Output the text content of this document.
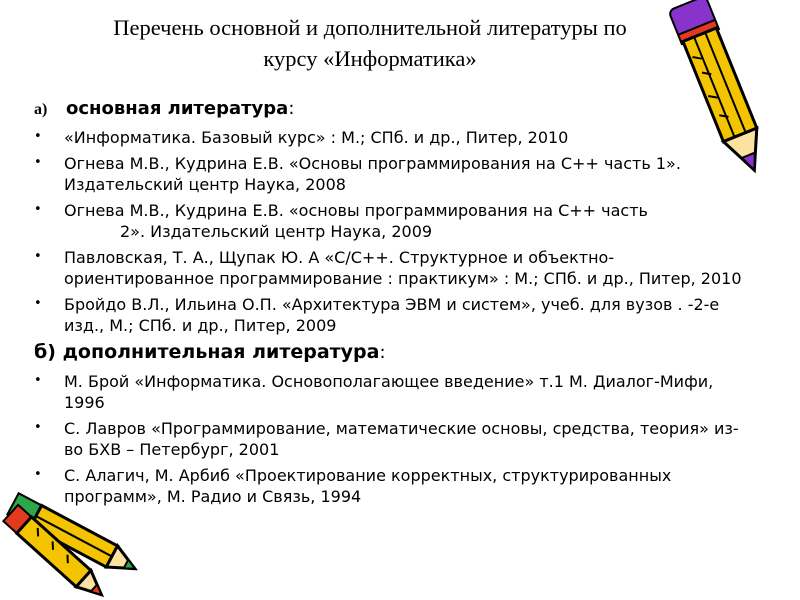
Перечень основной и дополнительной литературы по
курсу «Информатика»
а)	основная литература :
• «Информатика. Базовый курс» : М.; СПб. и др., Питер, 2010
• Огнева М.В., Кудрина Е.В. «Основы программирования на С++ часть 1». Издательский центр Наука, 2008
• Огнева М.В., Кудрина Е.В. «основы программирования на С++ часть
2». Издательский центр Наука, 2009
• Павловская, Т. А., Щупак Ю. А «C/C++. Структурное и объектно-ориентированное программирование : практикум» : М.; СПб. и др., Питер, 2010
• Бройдо В.Л., Ильина О.П. «Архитектура ЭВМ и систем», учеб. для вузов . -2-е изд., М.; СПб. и др., Питер, 2009
б) дополнительная литература :
• М. Брой «Информатика. Основополагающее введение» т.1 М. Диалог-Мифи, 1996
• С. Лавров «Программирование, математические основы, средства, теория» из-во БХВ – Петербург, 2001
• С. Алагич, М. Арбиб «Проектирование корректных, структурированных программ», М. Радио и Связь, 1994
